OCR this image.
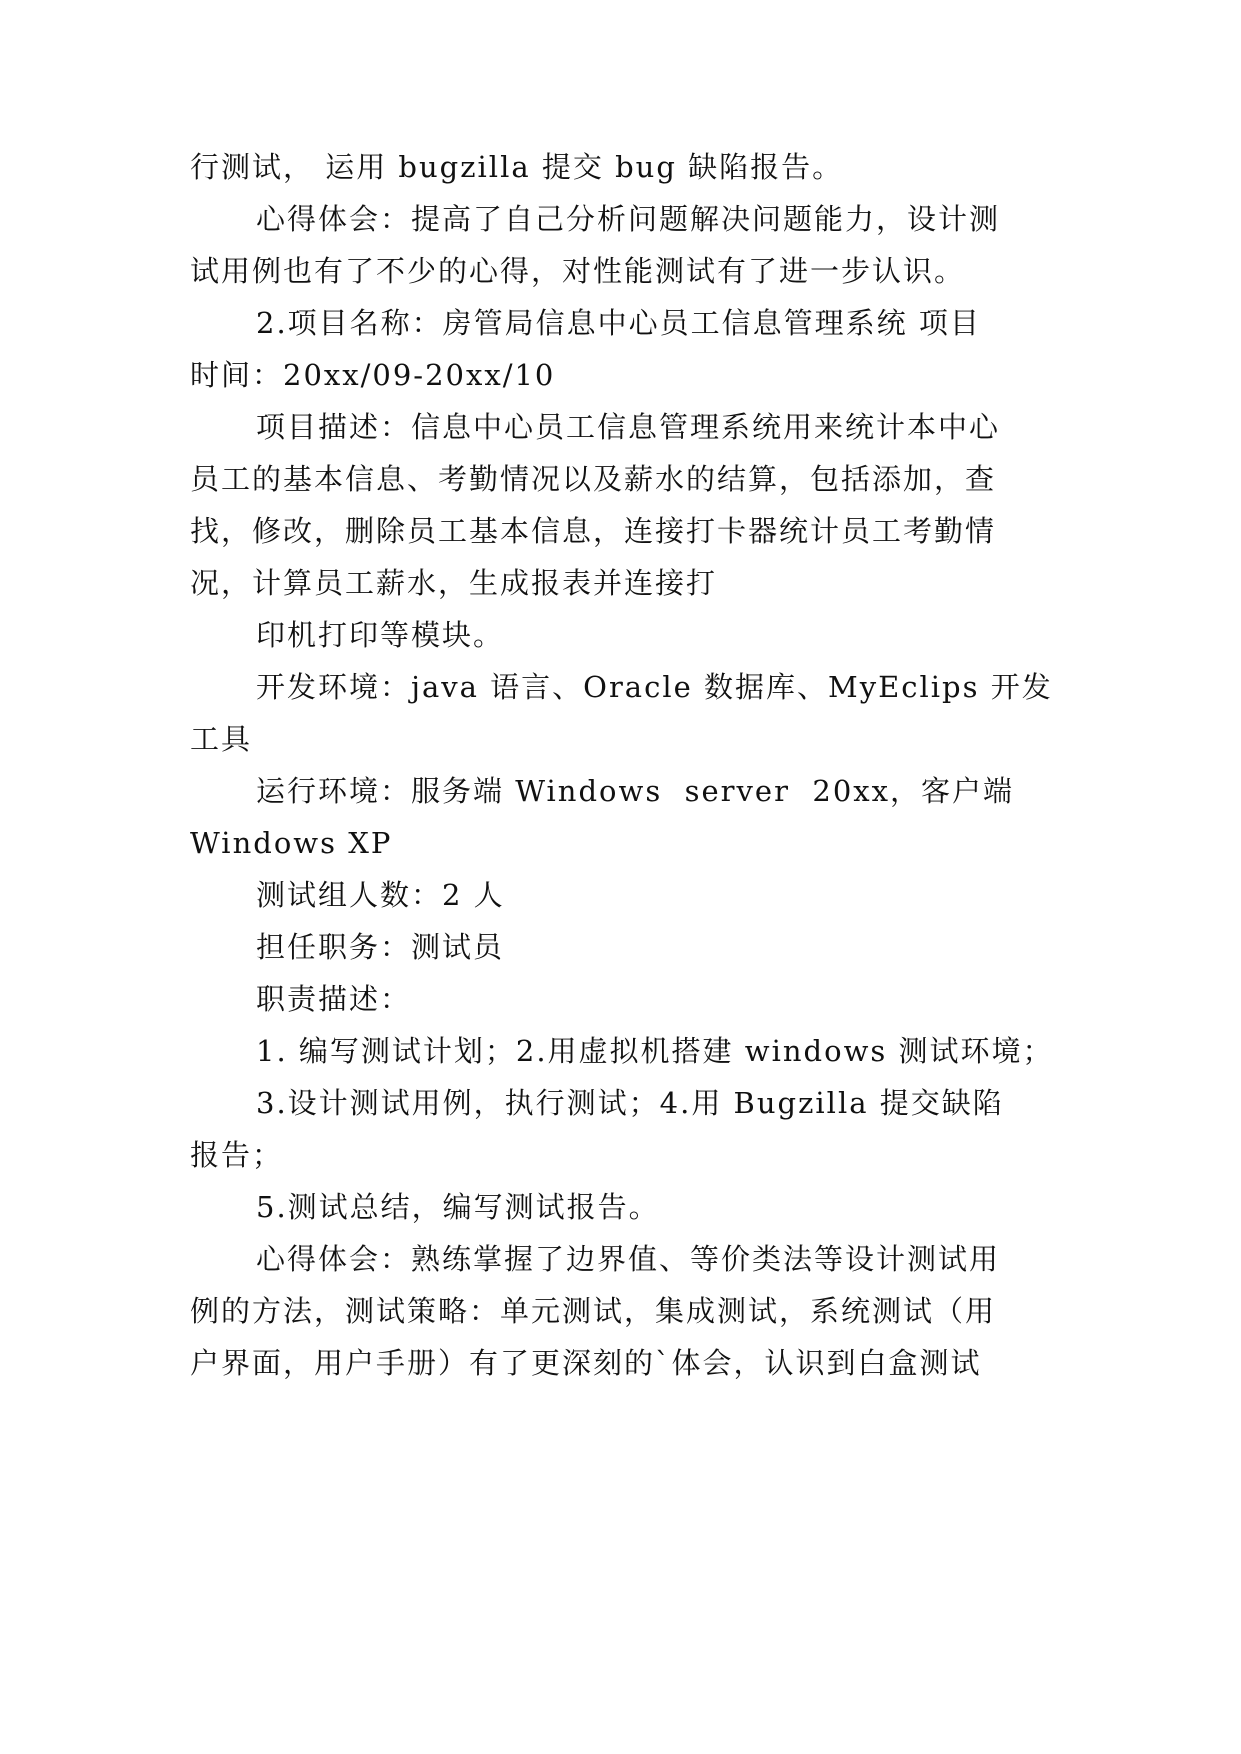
行测试， 运用 bugzilla 提交 bug 缺陷报告。
心得体会：提高了自己分析问题解决问题能力，设计测
试用例也有了不少的心得，对性能测试有了进一步认识。
2.项目名称：房管局信息中心员工信息管理系统 项目
时间：20xx/09-20xx/10
项目描述：信息中心员工信息管理系统用来统计本中心
员工的基本信息、考勤情况以及薪水的结算，包括添加，查
找，修改，删除员工基本信息，连接打卡器统计员工考勤情
况，计算员工薪水，生成报表并连接打
印机打印等模块。
开发环境：java 语言、Oracle 数据库、MyEclips 开发
工具
运行环境：服务端 Windows  server  20xx，客户端
Windows XP
测试组人数：2 人
担任职务：测试员
职责描述：
1. 编写测试计划；2.用虚拟机搭建 windows 测试环境；
3.设计测试用例，执行测试；4.用 Bugzilla 提交缺陷
报告；
5.测试总结，编写测试报告。
心得体会：熟练掌握了边界值、等价类法等设计测试用
例的方法，测试策略：单元测试，集成测试，系统测试（用
户界面，用户手册）有了更深刻的`体会，认识到白盒测试
